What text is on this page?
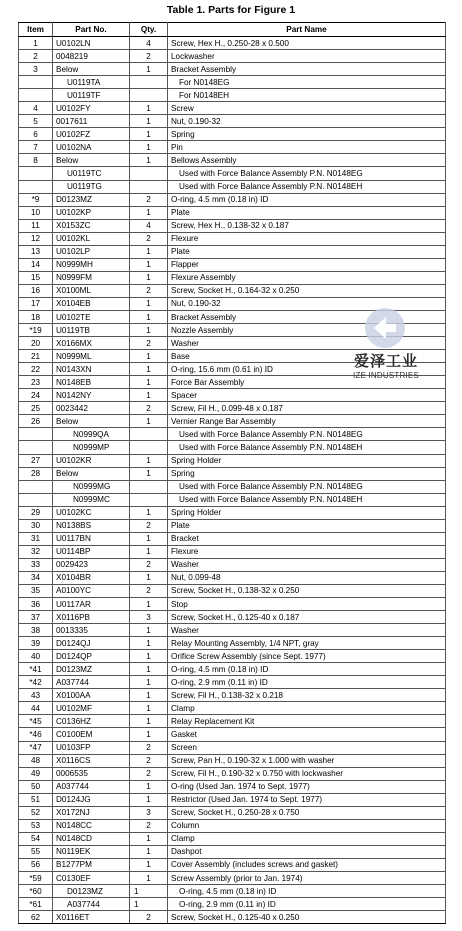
Table 1. Parts for Figure 1
Item	Part No.	Qty.	Part Name
1	U0102LN	4	Screw, Hex H., 0.250-28 x 0.500
2	0048219	2	Lockwasher
3	Below	1	Bracket Assembly
	U0119TA		For N0148EG
	U0119TF		For N0148EH
4	U0102FY	1	Screw
5	0017611	1	Nut, 0.190-32
6	U0102FZ	1	Spring
7	U0102NA	1	Pin
8	Below	1	Bellows Assembly
	U0119TC		Used with Force Balance Assembly P.N. N0148EG
	U0119TG		Used with Force Balance Assembly P.N. N0148EH
*9	D0123MZ	2	O-ring, 4.5 mm (0.18 in) ID
10	U0102KP	1	Plate
11	X0153ZC	4	Screw, Hex H., 0.138-32 x 0.187
12	U0102KL	2	Flexure
13	U0102LP	1	Plate
14	N0999MH	1	Flapper
15	N0999FM	1	Flexure Assembly
16	X0100ML	2	Screw, Socket H., 0.164-32 x 0.250
17	X0104EB	1	Nut, 0.190-32
18	U0102TE	1	Bracket Assembly
*19	U0119TB	1	Nozzle Assembly
20	X0166MX	2	Washer
21	N0999ML	1	Base
22	N0143XN	1	O-ring, 15.6 mm (0.61 in) ID
23	N0148EB	1	Force Bar Assembly
24	N0142NY	1	Spacer
25	0023442	2	Screw, Fil H., 0.099-48 x 0.187
26	Below	1	Vernier Range Bar Assembly
	N0999QA		Used with Force Balance Assembly P.N. N0148EG
	N0999MP		Used with Force Balance Assembly P.N. N0148EH
27	U0102KR	1	Spring Holder
28	Below	1	Spring
	N0999MG		Used with Force Balance Assembly P.N. N0148EG
	N0999MC		Used with Force Balance Assembly P.N. N0148EH
29	U0102KC	1	Spring Holder
30	N0138BS	2	Plate
31	U0117BN	1	Bracket
32	U0114BP	1	Flexure
33	0029423	2	Washer
34	X0104BR	1	Nut, 0.099-48
35	A0100YC	2	Screw, Socket H., 0.138-32 x 0.250
36	U0117AR	1	Stop
37	X0116PB	3	Screw, Socket H., 0.125-40 x 0.187
38	0013335	1	Washer
39	D0124QJ	1	Relay Mounting Assembly, 1/4 NPT, gray
40	D0124QP	1	Orifice Screw Assembly (since Sept. 1977)
*41	D0123MZ	1	O-ring, 4.5 mm (0.18 in) ID
*42	A037744	1	O-ring, 2.9 mm (0.11 in) ID
43	X0100AA	1	Screw, Fil H., 0.138-32 x 0.218
44	U0102MF	1	Clamp
*45	C0136HZ	1	Relay Replacement Kit
*46	C0100EM	1	Gasket
*47	U0103FP	2	Screen
48	X0116CS	2	Screw, Pan H., 0.190-32 x 1.000 with washer
49	0006535	2	Screw, Fil H., 0.190-32 x 0.750 with lockwasher
50	A037744	1	O-ring (Used Jan. 1974 to Sept. 1977)
51	D0124JG	1	Restrictor (Used Jan. 1974 to Sept. 1977)
52	X0172NJ	3	Screw, Socket H., 0.250-28 x 0.750
53	N0148CC	2	Column
54	N0148CD	1	Clamp
55	N0119EK	1	Dashpot
56	B1277PM	1	Cover Assembly (includes screws and gasket)
*59	C0130EF	1	Screw Assembly (prior to Jan. 1974)
*60	D0123MZ	1	O-ring, 4.5 mm (0.18 in) ID
*61	A037744	1	O-ring, 2.9 mm (0.11 in) ID
62	X0116ET	2	Screw, Socket H., 0.125-40 x 0.250
爱泽工业
IZE INDUSTRIES
